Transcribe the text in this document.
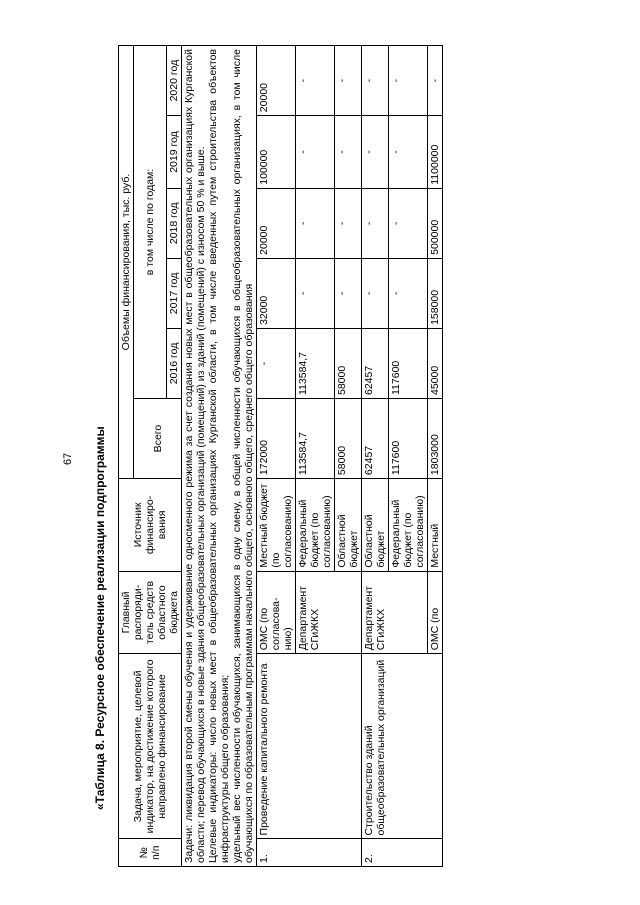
67 «Таблица 8. Ресурсное обеспечение реализации подпрограммы
№ п/п	Задача, мероприятие, целевой индикатор, на достижение которого направлено финансирование	Главный распоряди-тель средств областного бюджета	Источник финансиро-вания	Объемы финансирования, тыс. руб.					
				Всего	в том числе по годам:				
					2016 год	2017 год	2018 год	2019 год	2020 год

Задачи: ликвидация второй смены обучения и удерживание односменного режима за счет создания новых мест в общеобразовательных организациях Курганской области; перевод обучающихся в новые здания общеобразовательных организаций (помещений) из зданий (помещений) с износом 50 % и выше. Целевые индикаторы: число новых мест в общеобразовательных организациях Курганской области, в том числе введенных путем строительства объектов инфраструктуры общего образования; удельный вес численности обучающихся, занимающихся в одну смену, в общей численности обучающихся в общеобразовательных организациях, в том числе обучающихся по образовательным программам начального общего, основного общего, среднего общего образования									

1.	Проведение капитального ремонта	ОМС (по согласова-нию)	Местный бюджет (по согласованию)	172000	-	32000	20000	100000	20000
		Департамент СГиЖКХ	Федеральный бюджет (по согласованию)	113584,7	113584,7	-	-	-	-
			Областной бюджет	58000	58000	-	-	-	-
2.	Строительство зданий общеобразовательных организаций	Департамент СГиЖКХ	Областной бюджет	62457	62457	-	-	-	-
			Федеральный бюджет (по согласованию)	117600	117600	-	-	-	-
		ОМС (по	Местный	1803000	45000	158000	500000	1100000	-
